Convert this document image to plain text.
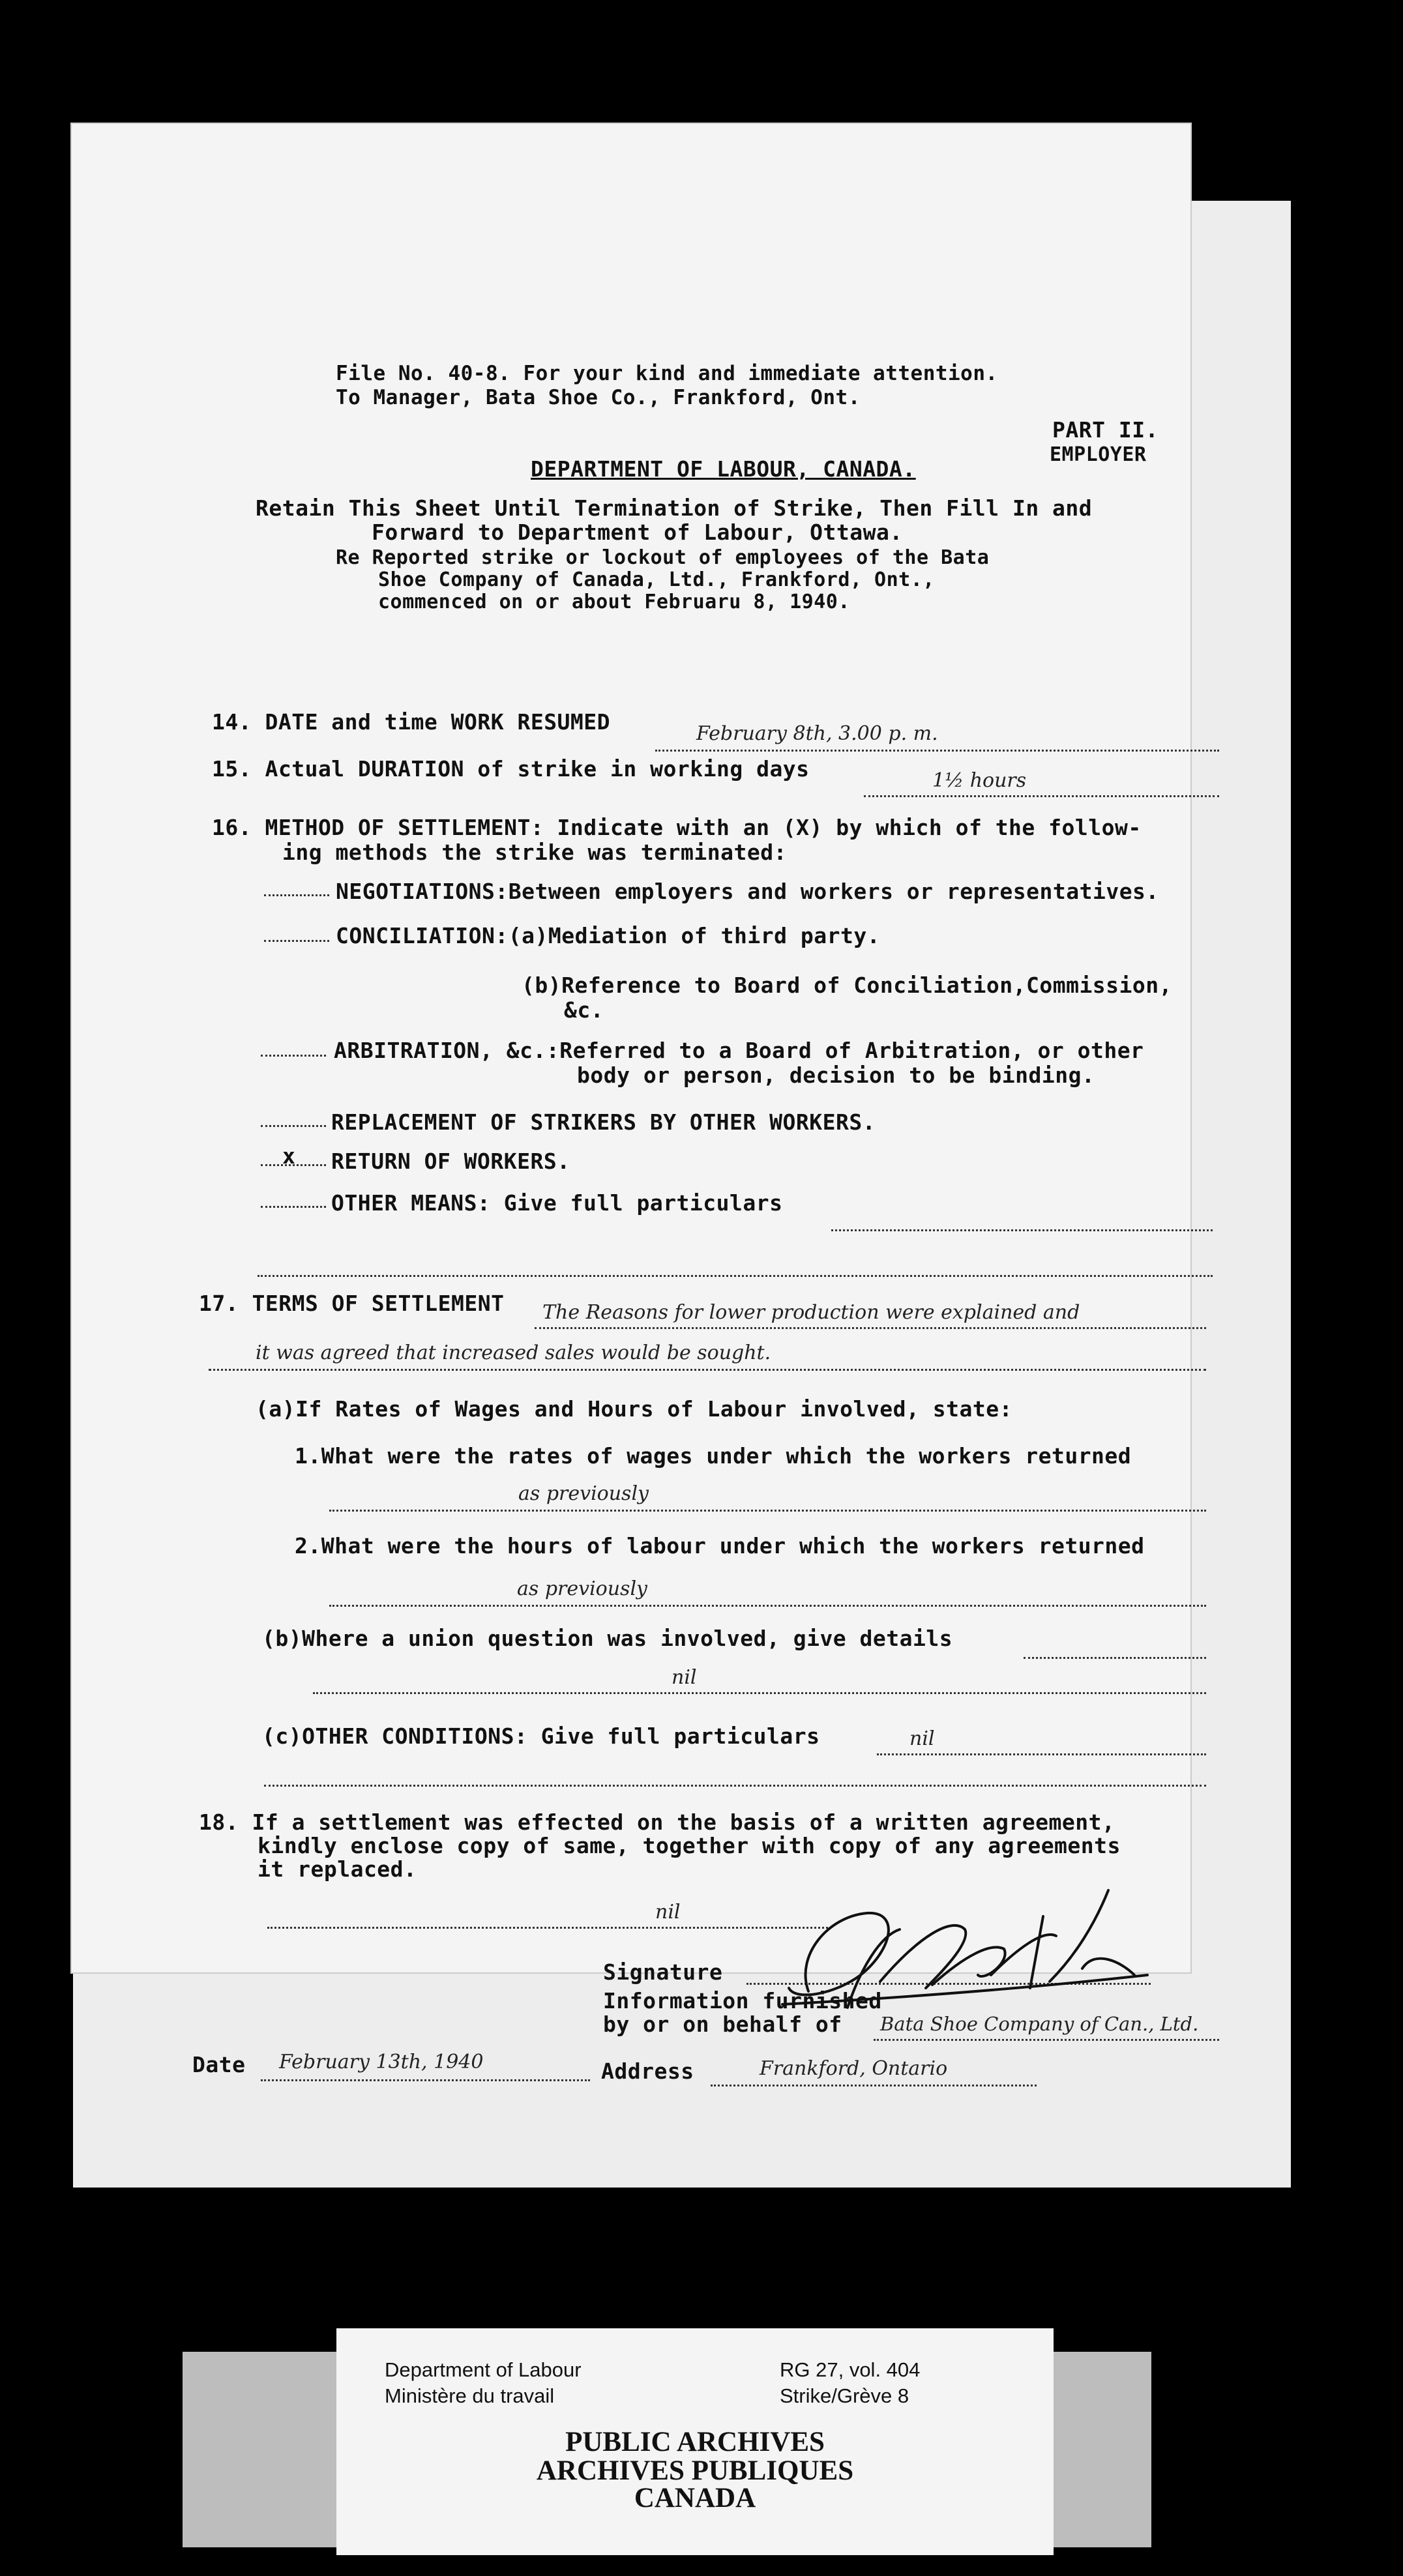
File No. 40-8. For your kind and immediate attention.
To Manager, Bata Shoe Co., Frankford, Ont.
PART II.
EMPLOYER
DEPARTMENT OF LABOUR, CANADA.
Retain This Sheet Until Termination of Strike, Then Fill In and
Forward to Department of Labour, Ottawa.
Re Reported strike or lockout of employees of the Bata
Shoe Company of Canada, Ltd., Frankford, Ont.,
commenced on or about Februaru 8, 1940.
14. DATE and time WORK RESUMED	February 8th, 3.00 p. m.
15. Actual DURATION of strike in working days	1½ hours
16. METHOD OF SETTLEMENT: Indicate with an (X) by which of the follow-
ing methods the strike was terminated:
NEGOTIATIONS:Between employers and workers or representatives.
CONCILIATION:(a)Mediation of third party.
(b)Reference to Board of Conciliation,Commission,
&c.
ARBITRATION, &c.:Referred to a Board of Arbitration, or other
body or person, decision to be binding.
REPLACEMENT OF STRIKERS BY OTHER WORKERS.
x RETURN OF WORKERS.
OTHER MEANS: Give full particulars
17. TERMS OF SETTLEMENT The Reasons for lower production were explained and
it was agreed that increased sales would be sought.
(a)If Rates of Wages and Hours of Labour involved, state:
1.What were the rates of wages under which the workers returned
as previously
2.What were the hours of labour under which the workers returned
as previously
(b)Where a union question was involved, give details
nil
(c)OTHER CONDITIONS: Give full particulars	nil
18. If a settlement was effected on the basis of a written agreement,
kindly enclose copy of same, together with copy of any agreements
it replaced.
nil
Signature
Information furnished
by or on behalf of Bata Shoe Company of Can., Ltd.
Date February 13th, 1940	Address	Frankford, Ontario
Department of Labour
Ministère du travail
RG 27, vol. 404
Strike/Grève 8
PUBLIC ARCHIVES
ARCHIVES PUBLIQUES
CANADA
